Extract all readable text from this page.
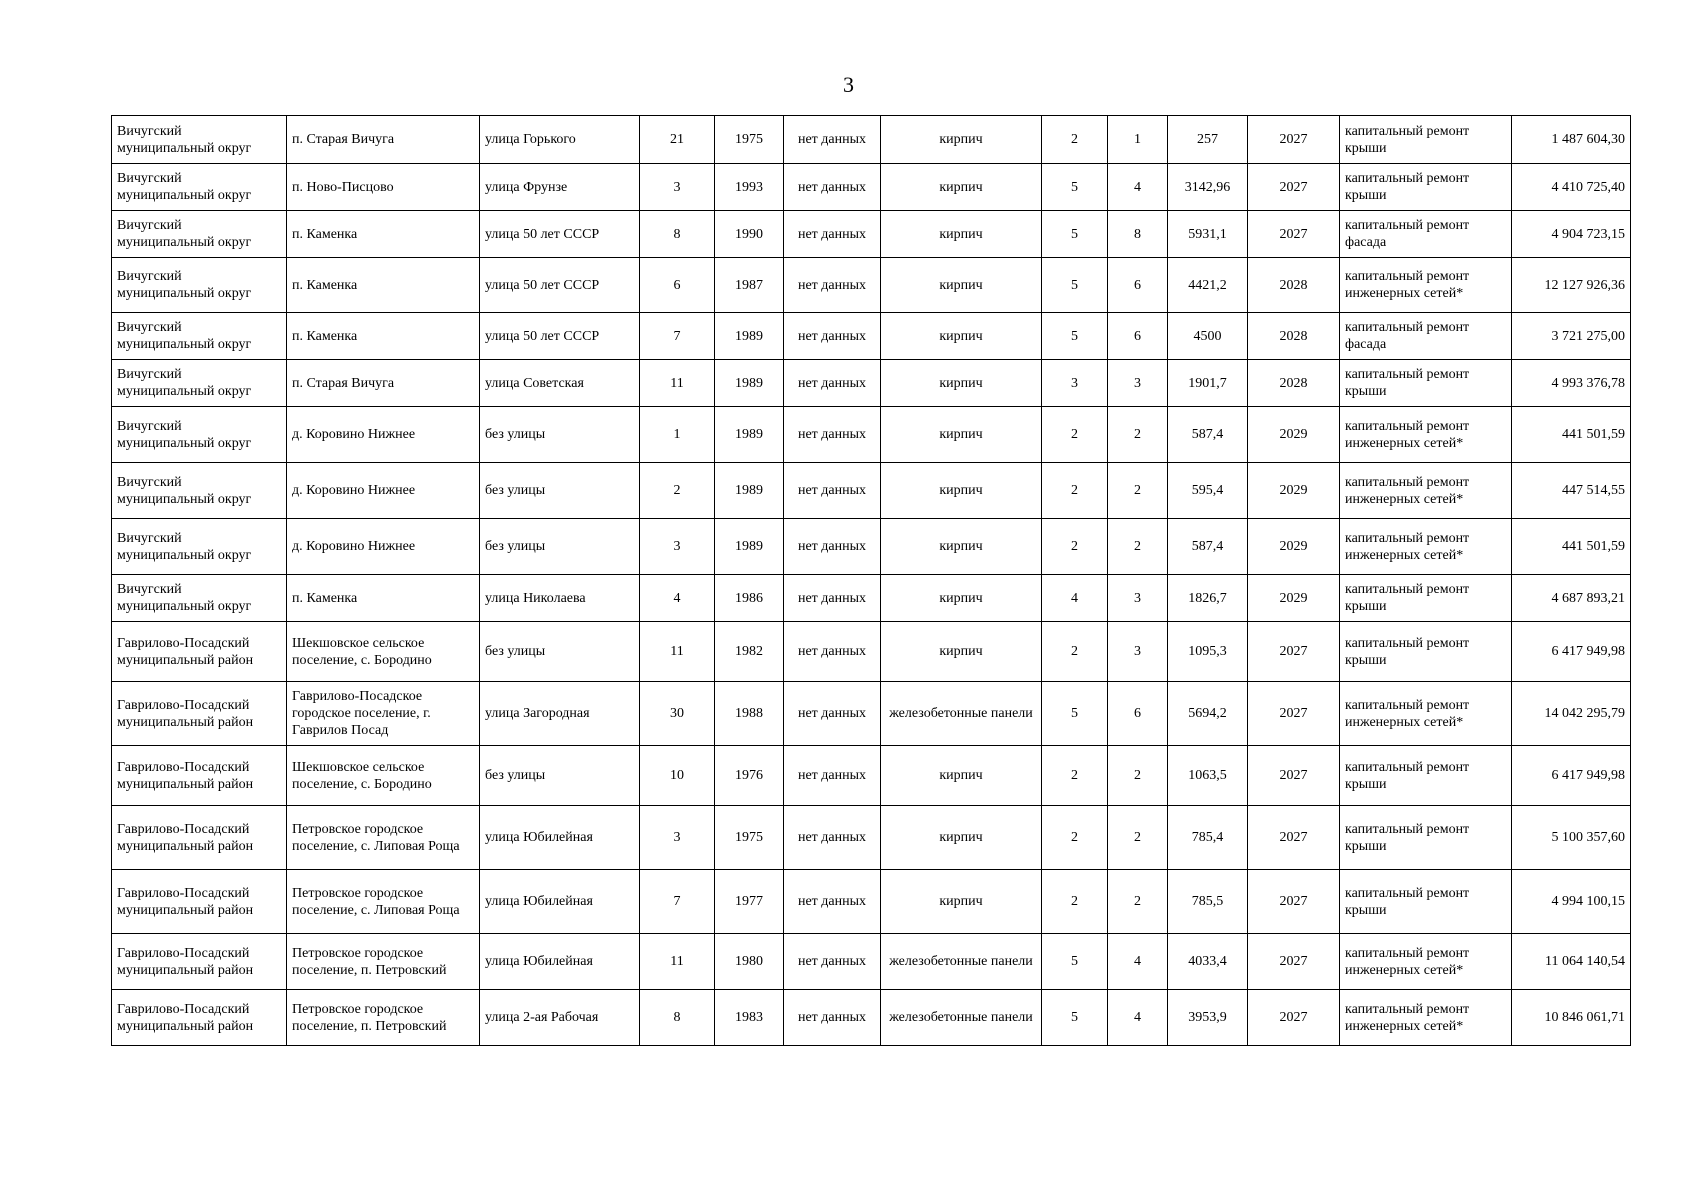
3
Вичугский муниципальный округ	п. Старая Вичуга	улица Горького	21	1975	нет данных	кирпич	2	1	257	2027	капитальный ремонт крыши	1 487 604,30
Вичугский муниципальный округ	п. Ново-Писцово	улица Фрунзе	3	1993	нет данных	кирпич	5	4	3142,96	2027	капитальный ремонт крыши	4 410 725,40
Вичугский муниципальный округ	п. Каменка	улица 50 лет СССР	8	1990	нет данных	кирпич	5	8	5931,1	2027	капитальный ремонт фасада	4 904 723,15
Вичугский муниципальный округ	п. Каменка	улица 50 лет СССР	6	1987	нет данных	кирпич	5	6	4421,2	2028	капитальный ремонт инженерных сетей*	12 127 926,36
Вичугский муниципальный округ	п. Каменка	улица 50 лет СССР	7	1989	нет данных	кирпич	5	6	4500	2028	капитальный ремонт фасада	3 721 275,00
Вичугский муниципальный округ	п. Старая Вичуга	улица Советская	11	1989	нет данных	кирпич	3	3	1901,7	2028	капитальный ремонт крыши	4 993 376,78
Вичугский муниципальный округ	д. Коровино Нижнее	без улицы	1	1989	нет данных	кирпич	2	2	587,4	2029	капитальный ремонт инженерных сетей*	441 501,59
Вичугский муниципальный округ	д. Коровино Нижнее	без улицы	2	1989	нет данных	кирпич	2	2	595,4	2029	капитальный ремонт инженерных сетей*	447 514,55
Вичугский муниципальный округ	д. Коровино Нижнее	без улицы	3	1989	нет данных	кирпич	2	2	587,4	2029	капитальный ремонт инженерных сетей*	441 501,59
Вичугский муниципальный округ	п. Каменка	улица Николаева	4	1986	нет данных	кирпич	4	3	1826,7	2029	капитальный ремонт крыши	4 687 893,21
Гаврилово-Посадский муниципальный район	Шекшовское сельское поселение, с. Бородино	без улицы	11	1982	нет данных	кирпич	2	3	1095,3	2027	капитальный ремонт крыши	6 417 949,98
Гаврилово-Посадский муниципальный район	Гаврилово-Посадское городское поселение, г. Гаврилов Посад	улица Загородная	30	1988	нет данных	железобетонные панели	5	6	5694,2	2027	капитальный ремонт инженерных сетей*	14 042 295,79
Гаврилово-Посадский муниципальный район	Шекшовское сельское поселение, с. Бородино	без улицы	10	1976	нет данных	кирпич	2	2	1063,5	2027	капитальный ремонт крыши	6 417 949,98
Гаврилово-Посадский муниципальный район	Петровское городское поселение, с. Липовая Роща	улица Юбилейная	3	1975	нет данных	кирпич	2	2	785,4	2027	капитальный ремонт крыши	5 100 357,60
Гаврилово-Посадский муниципальный район	Петровское городское поселение, с. Липовая Роща	улица Юбилейная	7	1977	нет данных	кирпич	2	2	785,5	2027	капитальный ремонт крыши	4 994 100,15
Гаврилово-Посадский муниципальный район	Петровское городское поселение, п. Петровский	улица Юбилейная	11	1980	нет данных	железобетонные панели	5	4	4033,4	2027	капитальный ремонт инженерных сетей*	11 064 140,54
Гаврилово-Посадский муниципальный район	Петровское городское поселение, п. Петровский	улица 2-ая Рабочая	8	1983	нет данных	железобетонные панели	5	4	3953,9	2027	капитальный ремонт инженерных сетей*	10 846 061,71
